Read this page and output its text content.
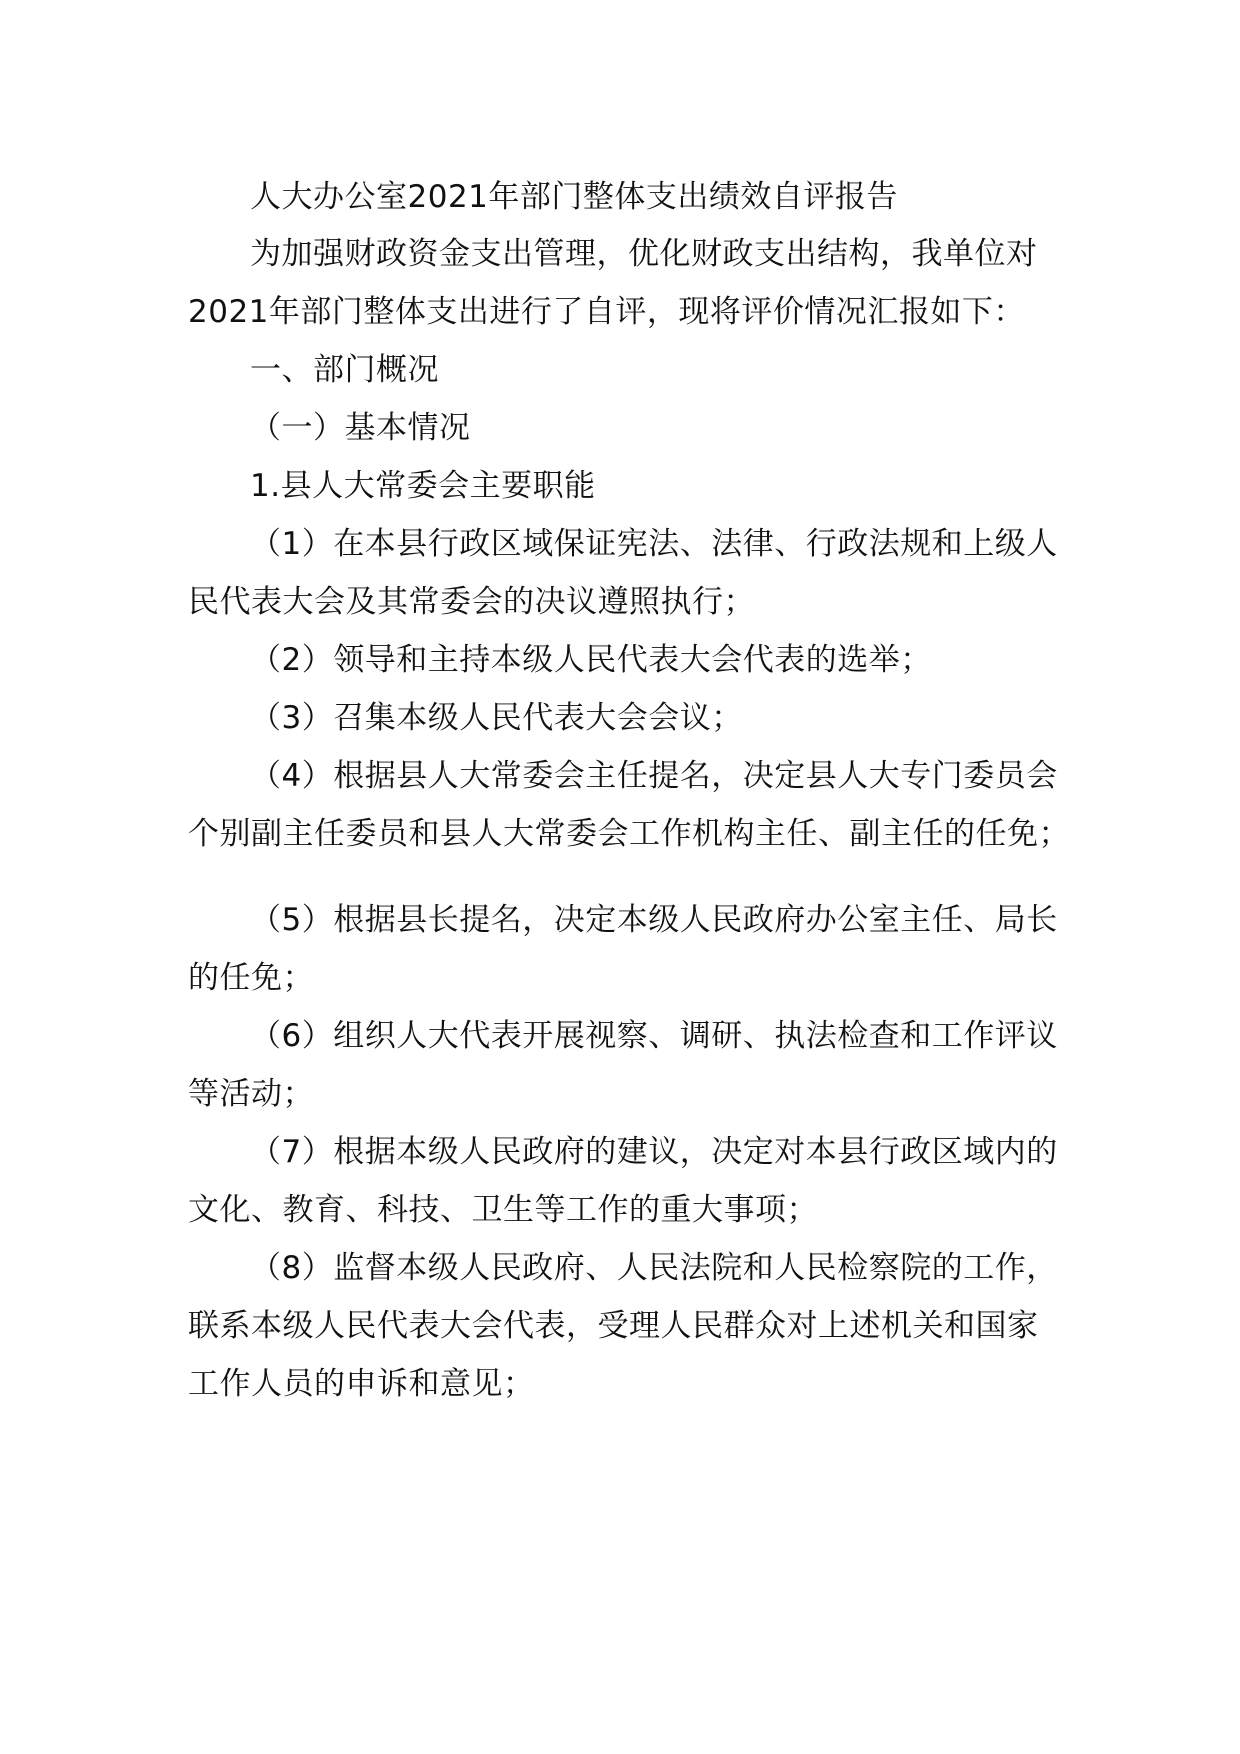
人大办公室2021年部门整体支出绩效自评报告
为加强财政资金支出管理，优化财政支出结构，我单位对
2021年部门整体支出进行了自评，现将评价情况汇报如下：
一、部门概况
（一）基本情况
1.县人大常委会主要职能
（1）在本县行政区域保证宪法、法律、行政法规和上级人
民代表大会及其常委会的决议遵照执行；
（2）领导和主持本级人民代表大会代表的选举；
（3）召集本级人民代表大会会议；
（4）根据县人大常委会主任提名，决定县人大专门委员会
个别副主任委员和县人大常委会工作机构主任、副主任的任免；
（5）根据县长提名，决定本级人民政府办公室主任、局长
的任免；
（6）组织人大代表开展视察、调研、执法检查和工作评议
等活动；
（7）根据本级人民政府的建议，决定对本县行政区域内的
文化、教育、科技、卫生等工作的重大事项；
（8）监督本级人民政府、人民法院和人民检察院的工作，
联系本级人民代表大会代表，受理人民群众对上述机关和国家
工作人员的申诉和意见；
